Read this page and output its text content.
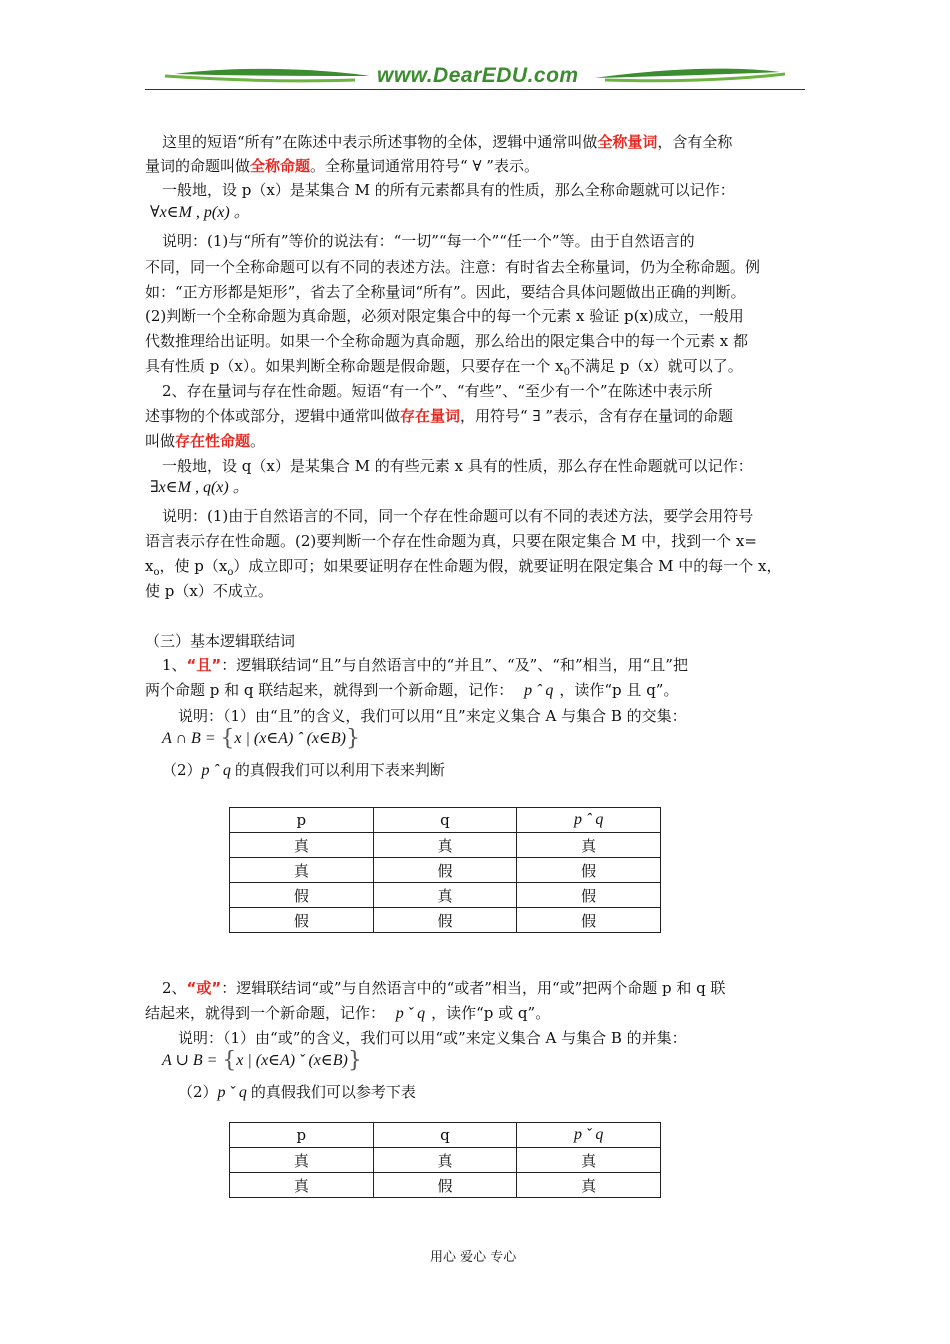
www.DearEDU.com
这里的短语“所有”在陈述中表示所述事物的全体，逻辑中通常叫做全称量词，含有全称
量词的命题叫做全称命题。全称量词通常用符号“ ∀ ”表示。
一般地，设 p（x）是某集合 M 的所有元素都具有的性质，那么全称命题就可以记作：
∀x∈M , p(x) 。
说明：(1)与“所有”等价的说法有：“一切”“每一个”“任一个”等。由于自然语言的
不同，同一个全称命题可以有不同的表述方法。注意：有时省去全称量词，仍为全称命题。例
如：“正方形都是矩形”，省去了全称量词“所有”。因此，要结合具体问题做出正确的判断。
(2)判断一个全称命题为真命题，必须对限定集合中的每一个元素 x 验证 p(x)成立，一般用
代数推理给出证明。如果一个全称命题为真命题，那么给出的限定集合中的每一个元素 x 都
具有性质 p（x）。如果判断全称命题是假命题，只要存在一个 $x_0$不满足 p（x）就可以了。
2、存在量词与存在性命题。短语“有一个”、“有些”、“至少有一个”在陈述中表示所
述事物的个体或部分，逻辑中通常叫做存在量词，用符号“ ∃ ”表示，含有存在量词的命题
叫做存在性命题。
一般地，设 q（x）是某集合 M 的有些元素 x 具有的性质，那么存在性命题就可以记作：
∃x∈M , q(x) 。
说明：(1)由于自然语言的不同，同一个存在性命题可以有不同的表述方法，要学会用符号
语言表示存在性命题。(2)要判断一个存在性命题为真，只要在限定集合 M 中，找到一个 x=
$x_o$，使 $p(x_o)$成立即可；如果要证明存在性命题为假，就要证明在限定集合 M 中的每一个 x，
使 p（x）不成立。
（三）基本逻辑联结词
1、“且”：逻辑联结词“且”与自然语言中的“并且”、“及”、“和”相当，用“且”把
两个命题 p 和 q 联结起来，就得到一个新命题，记作： p ˆ q ，读作“p 且 q”。
说明：（1）由“且”的含义，我们可以用“且”来定义集合 A 与集合 B 的交集：
A ∩ B = {x | (x∈A) ˆ (x∈B)}
（2）p ˆ q 的真假我们可以利用下表来判断
p	q	p ˆ q
真	真	真
真	假	假
假	真	假
假	假	假
2、“或”：逻辑联结词“或”与自然语言中的“或者”相当，用“或”把两个命题 p 和 q 联
结起来，就得到一个新命题，记作： p ˇ q ，读作“p 或 q”。
说明：（1）由“或”的含义，我们可以用“或”来定义集合 A 与集合 B 的并集：
A ∪ B = {x | (x∈A) ˇ (x∈B)}
（2）p ˇ q 的真假我们可以参考下表
p	q	p ˇ q
真	真	真
真	假	真
用心 爱心 专心
